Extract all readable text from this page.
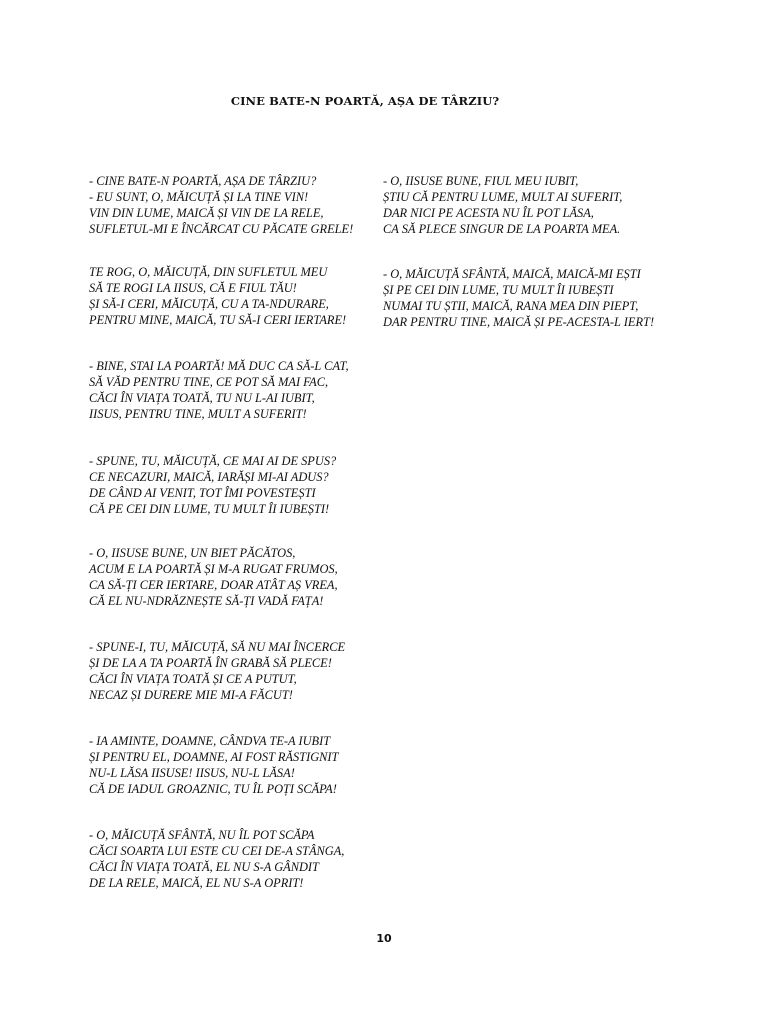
CINE BATE-N POARTĂ, AȘA DE TÂRZIU?
- CINE BATE-N POARTĂ, AȘA DE TÂRZIU?
- EU SUNT, O, MĂICUȚĂ ȘI LA TINE VIN!
VIN DIN LUME, MAICĂ ȘI VIN DE LA RELE,
SUFLETUL-MI E ÎNCĂRCAT CU PĂCATE GRELE!
TE ROG, O, MĂICUȚĂ, DIN SUFLETUL MEU
SĂ TE ROGI LA IISUS, CĂ E FIUL TĂU!
ȘI SĂ-I CERI, MĂICUȚĂ, CU A TA-NDURARE,
PENTRU MINE, MAICĂ, TU SĂ-I CERI IERTARE!
- BINE, STAI LA POARTĂ! MĂ DUC CA SĂ-L CAT,
SĂ VĂD PENTRU TINE, CE POT SĂ MAI FAC,
CĂCI ÎN VIAȚA TOATĂ, TU NU L-AI IUBIT,
IISUS, PENTRU TINE, MULT A SUFERIT!
- SPUNE, TU, MĂICUȚĂ, CE MAI AI DE SPUS?
CE NECAZURI, MAICĂ, IARĂȘI MI-AI ADUS?
DE CÂND AI VENIT, TOT ÎMI POVESTEȘTI
CĂ PE CEI DIN LUME, TU MULT ÎI IUBEȘTI!
- O, IISUSE BUNE, UN BIET PĂCĂTOS,
ACUM E LA POARTĂ ȘI M-A RUGAT FRUMOS,
CA SĂ-ȚI CER IERTARE, DOAR ATÂT AȘ VREA,
CĂ EL NU-NDRĂZNEȘTE SĂ-ȚI VADĂ FAȚA!
- SPUNE-I, TU, MĂICUȚĂ, SĂ NU MAI ÎNCERCE
ȘI DE LA A TA POARTĂ ÎN GRABĂ SĂ PLECE!
CĂCI ÎN VIAȚA TOATĂ ȘI CE A PUTUT,
NECAZ ȘI DURERE MIE MI-A FĂCUT!
- IA AMINTE, DOAMNE, CÂNDVA TE-A IUBIT
ȘI PENTRU EL, DOAMNE, AI FOST RĂSTIGNIT
NU-L LĂSA IISUSE! IISUS, NU-L LĂSA!
CĂ DE IADUL GROAZNIC, TU ÎL POȚI SCĂPA!
- O, MĂICUȚĂ SFÂNTĂ, NU ÎL POT SCĂPA
CĂCI SOARTA LUI ESTE CU CEI DE-A STÂNGA,
CĂCI ÎN VIAȚA TOATĂ, EL NU S-A GÂNDIT
DE LA RELE, MAICĂ, EL NU S-A OPRIT!
- O, IISUSE BUNE, FIUL MEU IUBIT,
ȘTIU CĂ PENTRU LUME, MULT AI SUFERIT,
DAR NICI PE ACESTA NU ÎL POT LĂSA,
CA SĂ PLECE SINGUR DE LA POARTA MEA.
- O, MĂICUȚĂ SFÂNTĂ, MAICĂ, MAICĂ-MI EȘTI
ȘI PE CEI DIN LUME, TU MULT ÎI IUBEȘTI
NUMAI TU ȘTII, MAICĂ, RANA MEA DIN PIEPT,
DAR PENTRU TINE, MAICĂ ȘI PE-ACESTA-L IERT!
10
